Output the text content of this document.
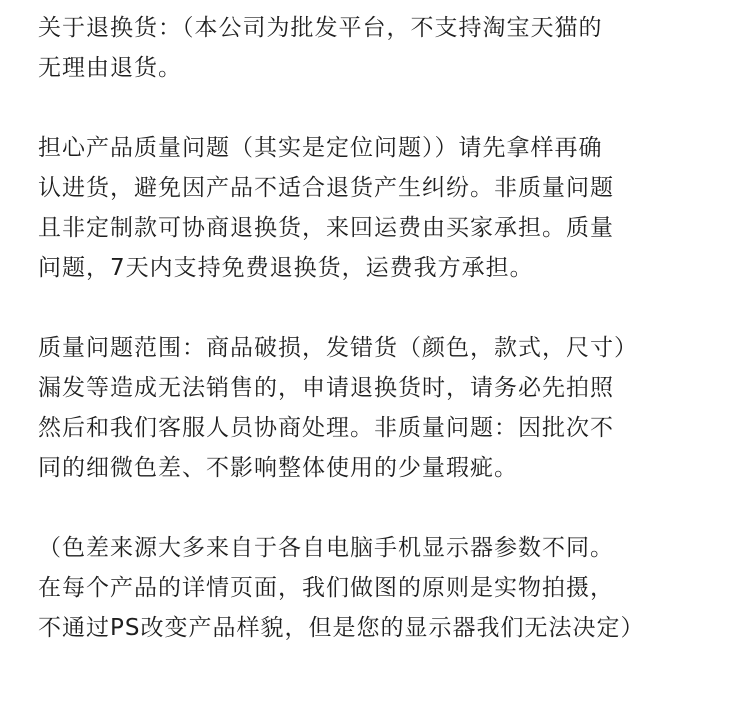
关于退换货：（本公司为批发平台，不支持淘宝天猫的
无理由退货。
担心产品质量问题（其实是定位问题））请先拿样再确
认进货，避免因产品不适合退货产生纠纷。非质量问题
且非定制款可协商退换货，来回运费由买家承担。质量
问题，7天内支持免费退换货，运费我方承担。
质量问题范围：商品破损，发错货（颜色，款式，尺寸）
漏发等造成无法销售的，申请退换货时，请务必先拍照
然后和我们客服人员协商处理。非质量问题：因批次不
同的细微色差、不影响整体使用的少量瑕疵。
（色差来源大多来自于各自电脑手机显示器参数不同。
在每个产品的详情页面，我们做图的原则是实物拍摄，
不通过PS改变产品样貌，但是您的显示器我们无法决定）
